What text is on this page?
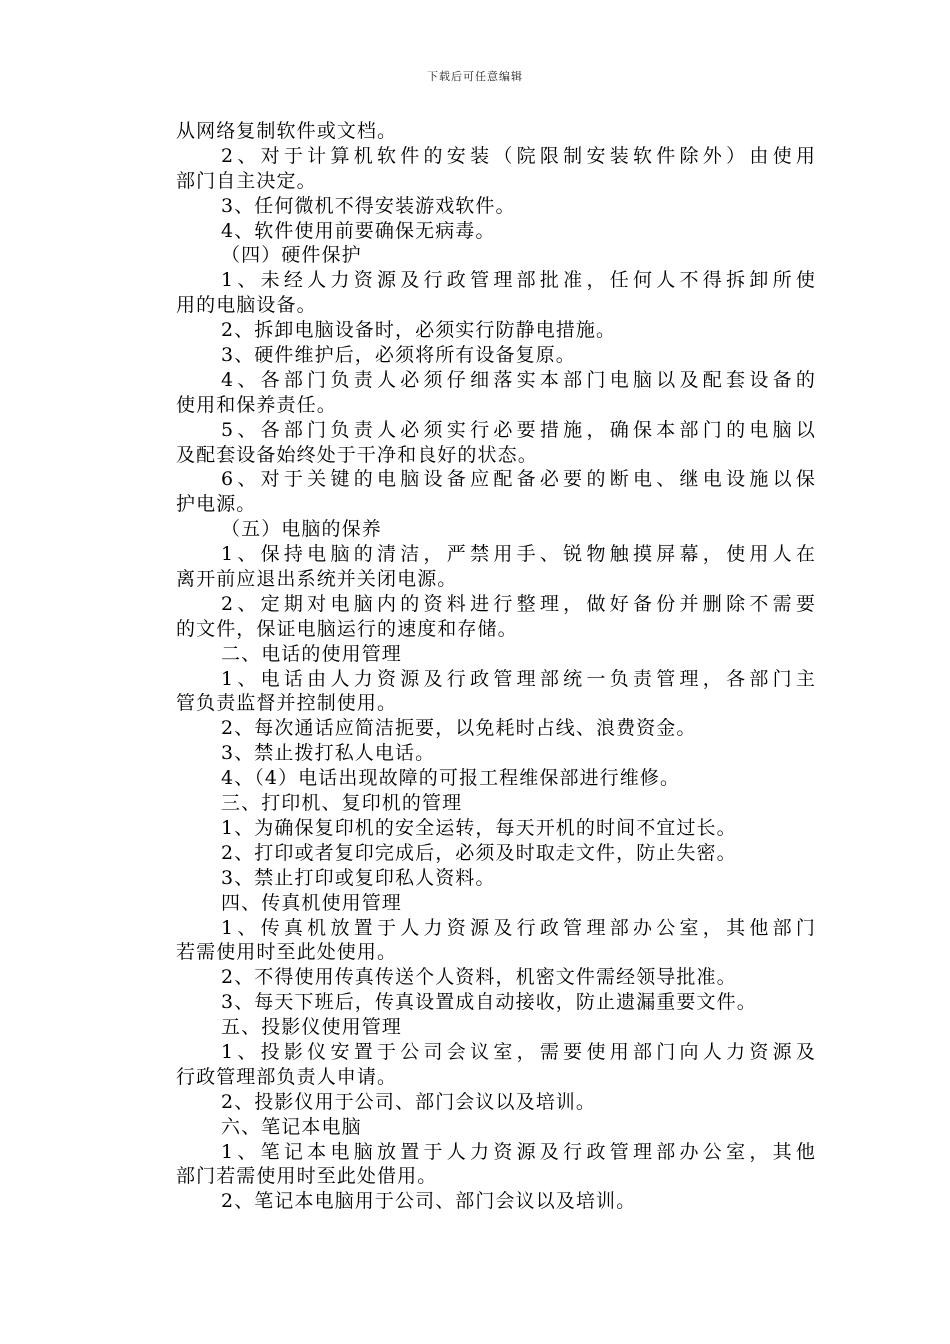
下载后可任意编辑
从网络复制软件或文档。
2、对于计算机软件的安装（院限制安装软件除外）由使用
部门自主决定。
3、任何微机不得安装游戏软件。
4、软件使用前要确保无病毒。
（四）硬件保护
1、未经人力资源及行政管理部批准，任何人不得拆卸所使
用的电脑设备。
2、拆卸电脑设备时，必须实行防静电措施。
3、硬件维护后，必须将所有设备复原。
4、各部门负责人必须仔细落实本部门电脑以及配套设备的
使用和保养责任。
5、各部门负责人必须实行必要措施，确保本部门的电脑以
及配套设备始终处于干净和良好的状态。
6、对于关键的电脑设备应配备必要的断电、继电设施以保
护电源。
（五）电脑的保养
1、保持电脑的清洁，严禁用手、锐物触摸屏幕，使用人在
离开前应退出系统并关闭电源。
2、定期对电脑内的资料进行整理，做好备份并删除不需要
的文件，保证电脑运行的速度和存储。
二、电话的使用管理
1、电话由人力资源及行政管理部统一负责管理，各部门主
管负责监督并控制使用。
2、每次通话应简洁扼要，以免耗时占线、浪费资金。
3、禁止拨打私人电话。
4、（4）电话出现故障的可报工程维保部进行维修。
三、打印机、复印机的管理
1、为确保复印机的安全运转，每天开机的时间不宜过长。
2、打印或者复印完成后，必须及时取走文件，防止失密。
3、禁止打印或复印私人资料。
四、传真机使用管理
1、传真机放置于人力资源及行政管理部办公室，其他部门
若需使用时至此处使用。
2、不得使用传真传送个人资料，机密文件需经领导批准。
3、每天下班后，传真设置成自动接收，防止遗漏重要文件。
五、投影仪使用管理
1、投影仪安置于公司会议室，需要使用部门向人力资源及
行政管理部负责人申请。
2、投影仪用于公司、部门会议以及培训。
六、笔记本电脑
1、笔记本电脑放置于人力资源及行政管理部办公室，其他
部门若需使用时至此处借用。
2、笔记本电脑用于公司、部门会议以及培训。
